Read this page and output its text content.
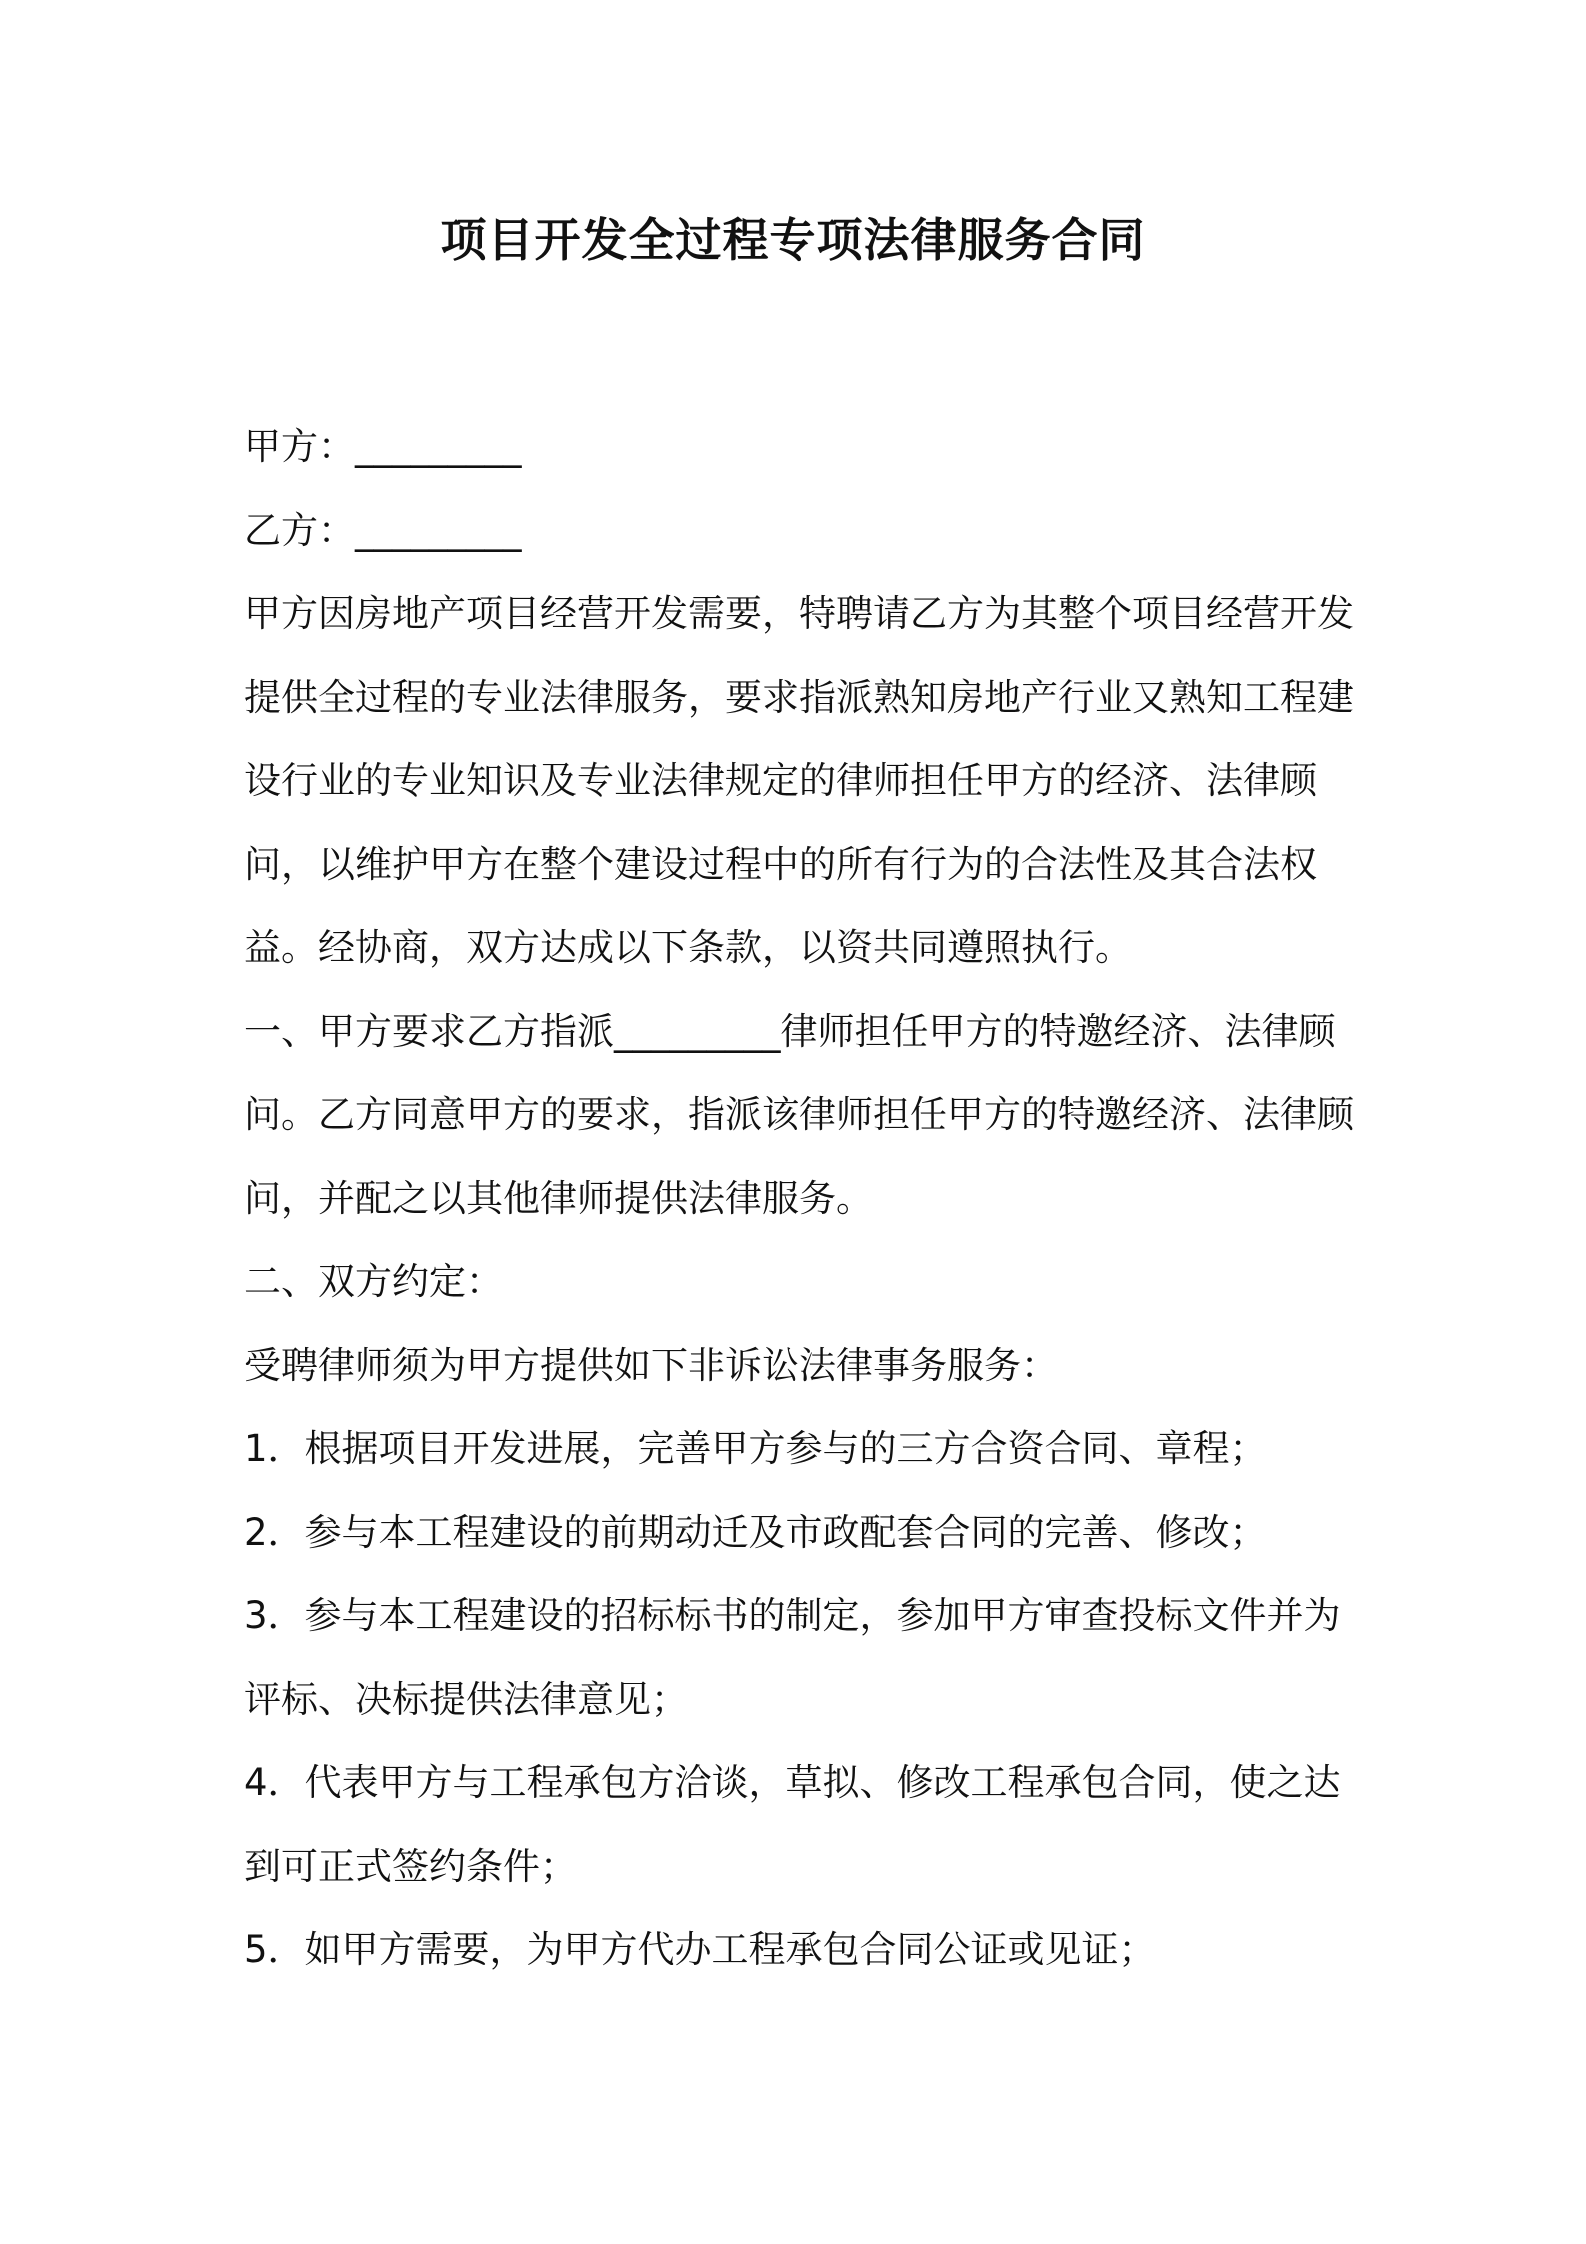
项目开发全过程专项法律服务合同

甲方：_________

乙方：_________

甲方因房地产项目经营开发需要，特聘请乙方为其整个项目经营开发提供全过程的专业法律服务，要求指派熟知房地产行业又熟知工程建设行业的专业知识及专业法律规定的律师担任甲方的经济、法律顾问，以维护甲方在整个建设过程中的所有行为的合法性及其合法权益。经协商，双方达成以下条款，以资共同遵照执行。

一、甲方要求乙方指派_________律师担任甲方的特邀经济、法律顾问。乙方同意甲方的要求，指派该律师担任甲方的特邀经济、法律顾问，并配之以其他律师提供法律服务。

二、双方约定：

受聘律师须为甲方提供如下非诉讼法律事务服务：

1．根据项目开发进展，完善甲方参与的三方合资合同、章程；

2．参与本工程建设的前期动迁及市政配套合同的完善、修改；

3．参与本工程建设的招标标书的制定，参加甲方审查投标文件并为评标、决标提供法律意见；

4．代表甲方与工程承包方洽谈，草拟、修改工程承包合同，使之达到可正式签约条件；

5．如甲方需要，为甲方代办工程承包合同公证或见证；
